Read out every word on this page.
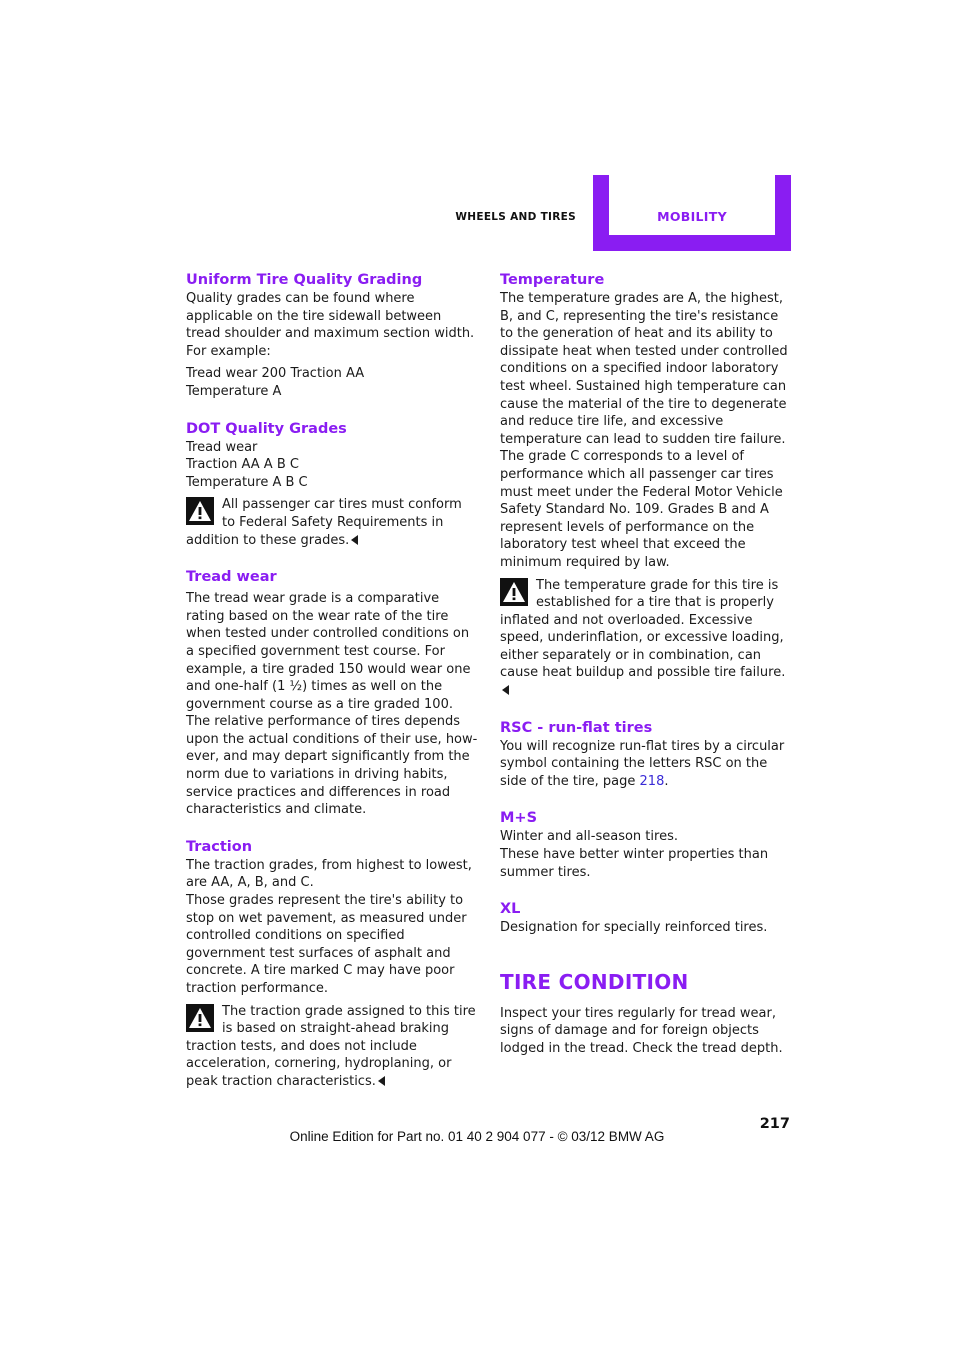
WHEELS AND TIRES	MOBILITY
Uniform Tire Quality Grading

Quality grades can be found where applicable on the tire sidewall between tread shoulder and maximum section width. For example:

Tread wear 200 Traction AA

Temperature A

DOT Quality Grades

Tread wear

Traction AA A B C

Temperature A B C

All passenger car tires must conform to Federal Safety Requirements in addition to these grades.

Tread wear

The tread wear grade is a comparative rating based on the wear rate of the tire when tested under controlled conditions on a specified government test course. For example, a tire graded 150 would wear one and one-half (1 ½) times as well on the government course as a tire graded 100. The relative performance of tires depends upon the actual conditions of their use, however, and may depart significantly from the norm due to variations in driving habits, service practices and differences in road characteristics and climate.

Traction

The traction grades, from highest to lowest, are AA, A, B, and C.

Those grades represent the tire's ability to stop on wet pavement, as measured under controlled conditions on specified government test surfaces of asphalt and concrete. A tire marked C may have poor traction performance.

The traction grade assigned to this tire is based on straight-ahead braking traction tests, and does not include acceleration, cornering, hydroplaning, or peak traction characteristics.

Temperature

The temperature grades are A, the highest, B, and C, representing the tire's resistance to the generation of heat and its ability to dissipate heat when tested under controlled conditions on a specified indoor laboratory test wheel. Sustained high temperature can cause the material of the tire to degenerate and reduce tire life, and excessive temperature can lead to sudden tire failure. The grade C corresponds to a level of performance which all passenger car tires must meet under the Federal Motor Vehicle Safety Standard No. 109. Grades B and A represent levels of performance on the laboratory test wheel that exceed the minimum required by law.

The temperature grade for this tire is established for a tire that is properly inflated and not overloaded. Excessive speed, underinflation, or excessive loading, either separately or in combination, can cause heat buildup and possible tire failure.

RSC - run-flat tires

You will recognize run-flat tires by a circular symbol containing the letters RSC on the side of the tire, page 218.

M+S

Winter and all-season tires.

These have better winter properties than summer tires.

XL

Designation for specially reinforced tires.

TIRE CONDITION

Inspect your tires regularly for tread wear, signs of damage and for foreign objects lodged in the tread. Check the tread depth.

217
Online Edition for Part no. 01 40 2 904 077 - © 03/12 BMW AG
